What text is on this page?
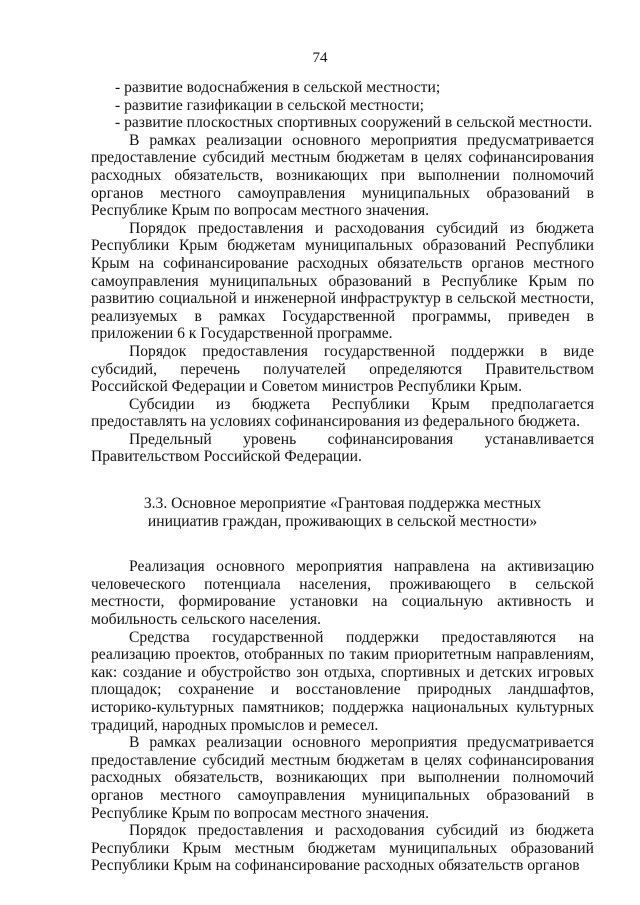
74

- развитие водоснабжения в сельской местности;

- развитие газификации в сельской местности;

- развитие плоскостных спортивных сооружений в сельской местности.

В рамках реализации основного мероприятия предусматривается предоставление субсидий местным бюджетам в целях софинансирования расходных обязательств, возникающих при выполнении полномочий органов местного самоуправления муниципальных образований в Республике Крым по вопросам местного значения.

Порядок предоставления и расходования субсидий из бюджета Республики Крым бюджетам муниципальных образований Республики Крым на софинансирование расходных обязательств органов местного самоуправления муниципальных образований в Республике Крым по развитию социальной и инженерной инфраструктур в сельской местности, реализуемых в рамках Государственной программы, приведен в приложении 6 к Государственной программе.

Порядок предоставления государственной поддержки в виде субсидий, перечень получателей определяются Правительством Российской Федерации и Советом министров Республики Крым.

Субсидии из бюджета Республики Крым предполагается предоставлять на условиях софинансирования из федерального бюджета.

Предельный уровень софинансирования устанавливается Правительством Российской Федерации.

3.3. Основное мероприятие «Грантовая поддержка местных инициатив граждан, проживающих в сельской местности»

Реализация основного мероприятия направлена на активизацию человеческого потенциала населения, проживающего в сельской местности, формирование установки на социальную активность и мобильность сельского населения.

Средства государственной поддержки предоставляются на реализацию проектов, отобранных по таким приоритетным направлениям, как: создание и обустройство зон отдыха, спортивных и детских игровых площадок; сохранение и восстановление природных ландшафтов, историко-культурных памятников; поддержка национальных культурных традиций, народных промыслов и ремесел.

В рамках реализации основного мероприятия предусматривается предоставление субсидий местным бюджетам в целях софинансирования расходных обязательств, возникающих при выполнении полномочий органов местного самоуправления муниципальных образований в Республике Крым по вопросам местного значения.

Порядок предоставления и расходования субсидий из бюджета Республики Крым местным бюджетам муниципальных образований Республики Крым на софинансирование расходных обязательств органов
